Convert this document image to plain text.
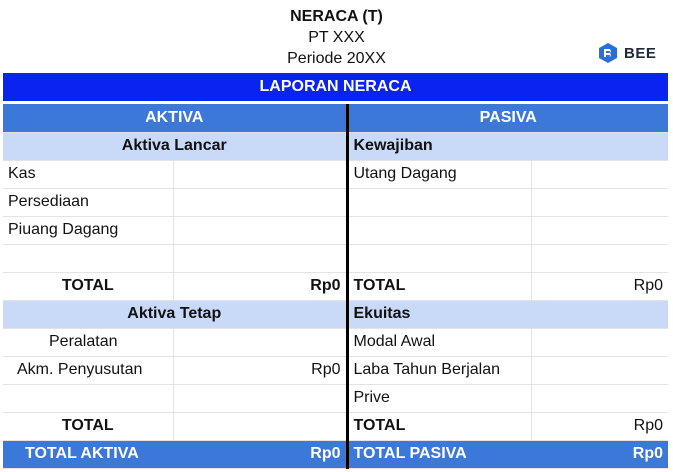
NERACA (T)
PT XXX
Periode 20XX	BEE
LAPORAN NERACA
AKTIVA		PASIVA	
Aktiva Lancar		Kewajiban	
Kas		Utang Dagang	
Persediaan			
Piuang Dagang			

TOTAL	Rp0	TOTAL	Rp0
Aktiva Tetap		Ekuitas	
Peralatan		Modal Awal	
Akm. Penyusutan	Rp0	Laba Tahun Berjalan	
		Prive	
TOTAL		TOTAL	Rp0
TOTAL AKTIVA	Rp0	TOTAL PASIVA	Rp0
